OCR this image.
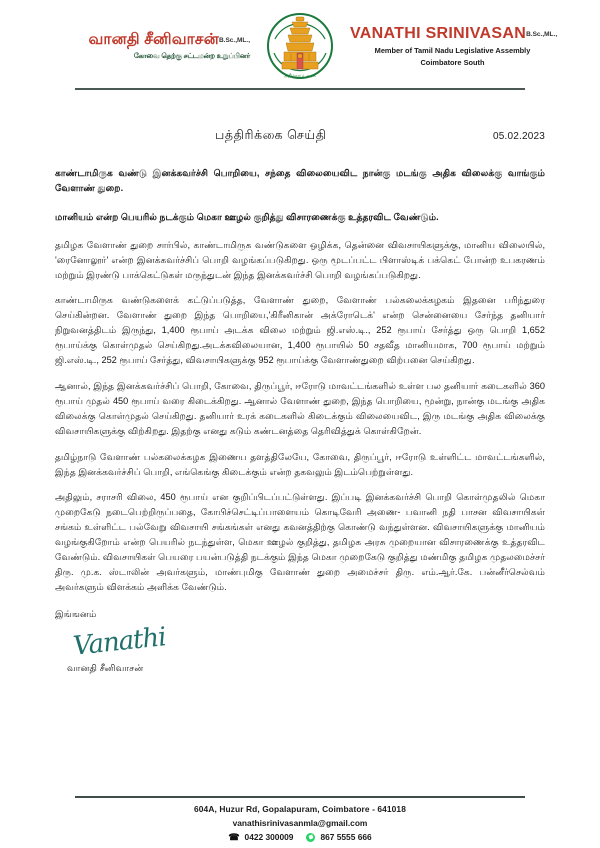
வானதி சீனிவாசன்B.Sc.,ML.,
கோவை தெற்கு சட்டமன்ற உறுப்பினர்
தமிழ்நாடு அரசு
VANATHI SRINIVASANB.Sc.,ML.,
Member of Tamil Nadu Legislative Assembly
Coimbatore South
பத்திரிக்கை செய்தி	05.02.2023

காண்டாமிருக வண்டு இனக்கவர்ச்சி பொறியை, சந்தை விலையைவிட நான்கு மடங்கு அதிக விலைக்கு வாங்கும் வேளாண் துறை.

மானியம் என்ற பெயரில் நடக்கும் மெகா ஊழல் குறித்து விசாரணைக்கு உத்தரவிட வேண்டும்.

தமிழக வேளாண் துறை சார்பில், காண்டாமிருக வண்டுகளை ஒழிக்க, தென்னை விவசாயிகளுக்கு, மானிய விலையில், 'ரைனோலூர்' என்ற இனக்கவர்ச்சிப் பொறி வழங்கப்படுகிறது. ஒரு மூடப்பட்ட பிளாஸ்டிக் பக்கெட் போன்ற உபகரணம் மற்றும் இரண்டு பாக்கெட்டுகள் மருந்துடன் இந்த இனக்கவர்ச்சி பொறி வழங்கப்படுகிறது.

காண்டாமிருக வண்டுகளைக் கட்டுப்படுத்த, வேளாண் துறை, வேளாண் பல்கலைக்கழகம் இதனை பரிந்துரை செய்கின்றன. வேளாண் துறை இந்த பொறியை,'கிரீனிகான் அக்ரோடெக்' என்ற சென்னையை சேர்ந்த தனியார் நிறுவனத்திடம் இருந்து, 1,400 ரூபாய் அடக்க விலை மற்றும் ஜி.எஸ்.டி., 252 ரூபாய் சேர்த்து ஒரு பொறி 1,652 ரூபாய்க்கு கொள்முதல் செய்கிறது.அடக்கவிலையான, 1,400 ரூபாயில் 50 சதவீத மானியமாக, 700 ரூபாய் மற்றும் ஜி.எஸ்.டி., 252 ரூபாய் சேர்த்து, விவசாயிகளுக்கு 952 ரூபாய்க்கு வேளாண்துறை விற்பனை செய்கிறது.

ஆனால், இந்த இனக்கவர்ச்சிப் பொறி, கோவை, திருப்பூர், ஈரோடு மாவட்டங்களில் உள்ள பல தனியார் கடைகளில் 360 ரூபாய் முதல் 450 ரூபாய் வரை கிடைக்கிறது. ஆனால் வேளாண் துறை, இந்த பொறியை, மூன்று, நான்கு மடங்கு அதிக விலைக்கு கொள்முதல் செய்கிறது. தனியார் உரக் கடைகளில் கிடைக்கும் விலையைவிட, இரு மடங்கு அதிக விலைக்கு விவசாயிகளுக்கு விற்கிறது. இதற்கு எனது கடும் கண்டனத்தை தெரிவித்துக் கொள்கிறேன்.

தமிழ்நாடு வேளாண் பல்கலைக்கழக இணைய தளத்திலேயே, கோவை, திருப்பூர், ஈரோடு உள்ளிட்ட மாவட்டங்களில், இந்த இனக்கவர்ச்சிப் பொறி, எங்கெங்கு கிடைக்கும் என்ற தகவலும் இடம்பெற்றுள்ளது.

அதிலும், சராசரி விலை, 450 ரூபாய் என குறிப்பிடப்பட்டுள்ளது. இப்படி இனக்கவர்ச்சி பொறி கொள்முதலில் மெகா முறைகேடு நடைபெற்றிருப்பதை, கோபிச்செட்டிப்பாளையம் கொடிவேரி அணை- பவானி நதி பாசன விவசாயிகள் சங்கம் உள்ளிட்ட பல்வேறு விவசாயி சங்கங்கள் எனது கவனத்திற்கு கொண்டு வந்துள்ளன. விவசாயிகளுக்கு மானியம் வழங்குகிறோம் என்ற பெயரில் நடந்துள்ள, மெகா ஊழல் குறித்து, தமிழக அரசு முறையான விசாரணைக்கு உத்தரவிட வேண்டும். விவசாயிகள் பெயரை பயன்படுத்தி நடக்கும் இந்த மெகா முறைகேடு குறித்து மண்மிகு தமிழக முதலமைச்சர் திரு. மு.க. ஸ்டாலின் அவர்களும், மாண்புமிகு வேளாண் துறை அமைச்சர் திரு. எம்.ஆர்.கே. பன்னீர்செல்வம் அவர்களும் விளக்கம் அளிக்க வேண்டும்.

இங்ஙனம்
Vanathi
வானதி சீனிவாசன்
604A, Huzur Rd, Gopalapuram, Coimbatore - 641018
vanathisrinivasanmla@gmail.com
☎ 0422 300009	867 5555 666
